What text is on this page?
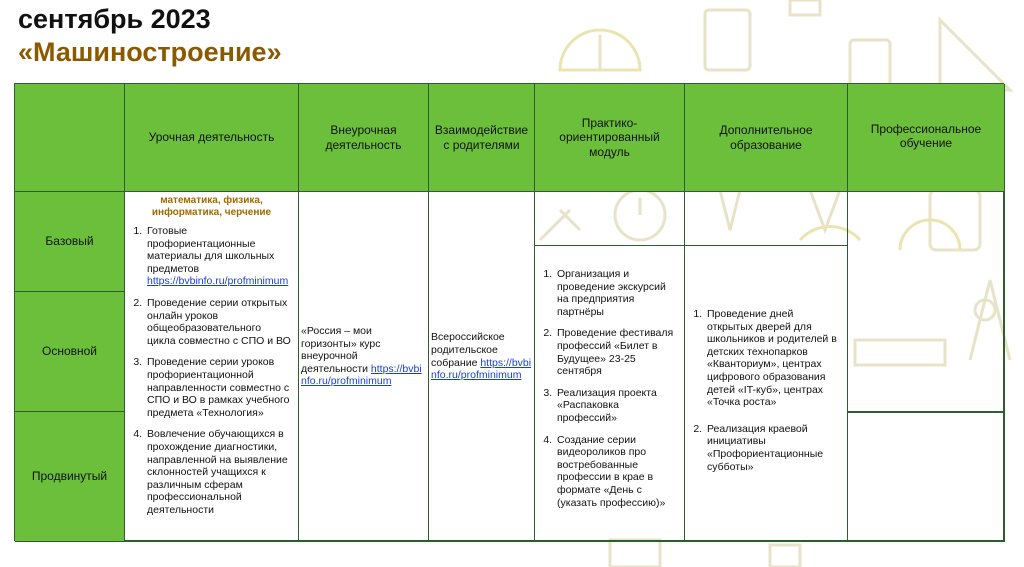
сентябрь 2023
«Машиностроение»
Урочная деятельность
Внеурочная
деятельность
Взаимодействие
с родителями
Практико-
ориентированный
модуль
Дополнительное
образование
Профессиональное
обучение
Базовый
Основной
Продвинутый
математика, физика, информатика, черчение
1. Готовые профориентационные материалы для школьных предметов https://bvbinfo.ru/profminimum
2. Проведение серии открытых онлайн уроков общеобразовательного цикла совместно с СПО и ВО
3. Проведение серии уроков профориентационной направленности совместно с СПО и ВО в рамках учебного предмета «Технология»
4. Вовлечение обучающихся в прохождение диагностики, направленной на выявление склонностей учащихся к различным сферам профессиональной деятельности
«Россия – мои горизонты» курс внеурочной деятельности https://bvbinfo.ru/profminimum
Всероссийское родительское собрание https://bvbinfo.ru/profminimum
1. Организация и проведение экскурсий на предприятия партнёры
2. Проведение фестиваля профессий «Билет в Будущее» 23-25 сентября
3. Реализация проекта «Распаковка профессий»
4. Создание серии видеороликов про востребованные профессии в крае в формате «День с (указать профессию)»
1. Проведение дней открытых дверей для школьников и родителей в детских технопарков «Кванториум», центрах цифрового образования детей «IT-куб», центрах «Точка роста»
2. Реализация краевой инициативы «Профориентационные субботы»
